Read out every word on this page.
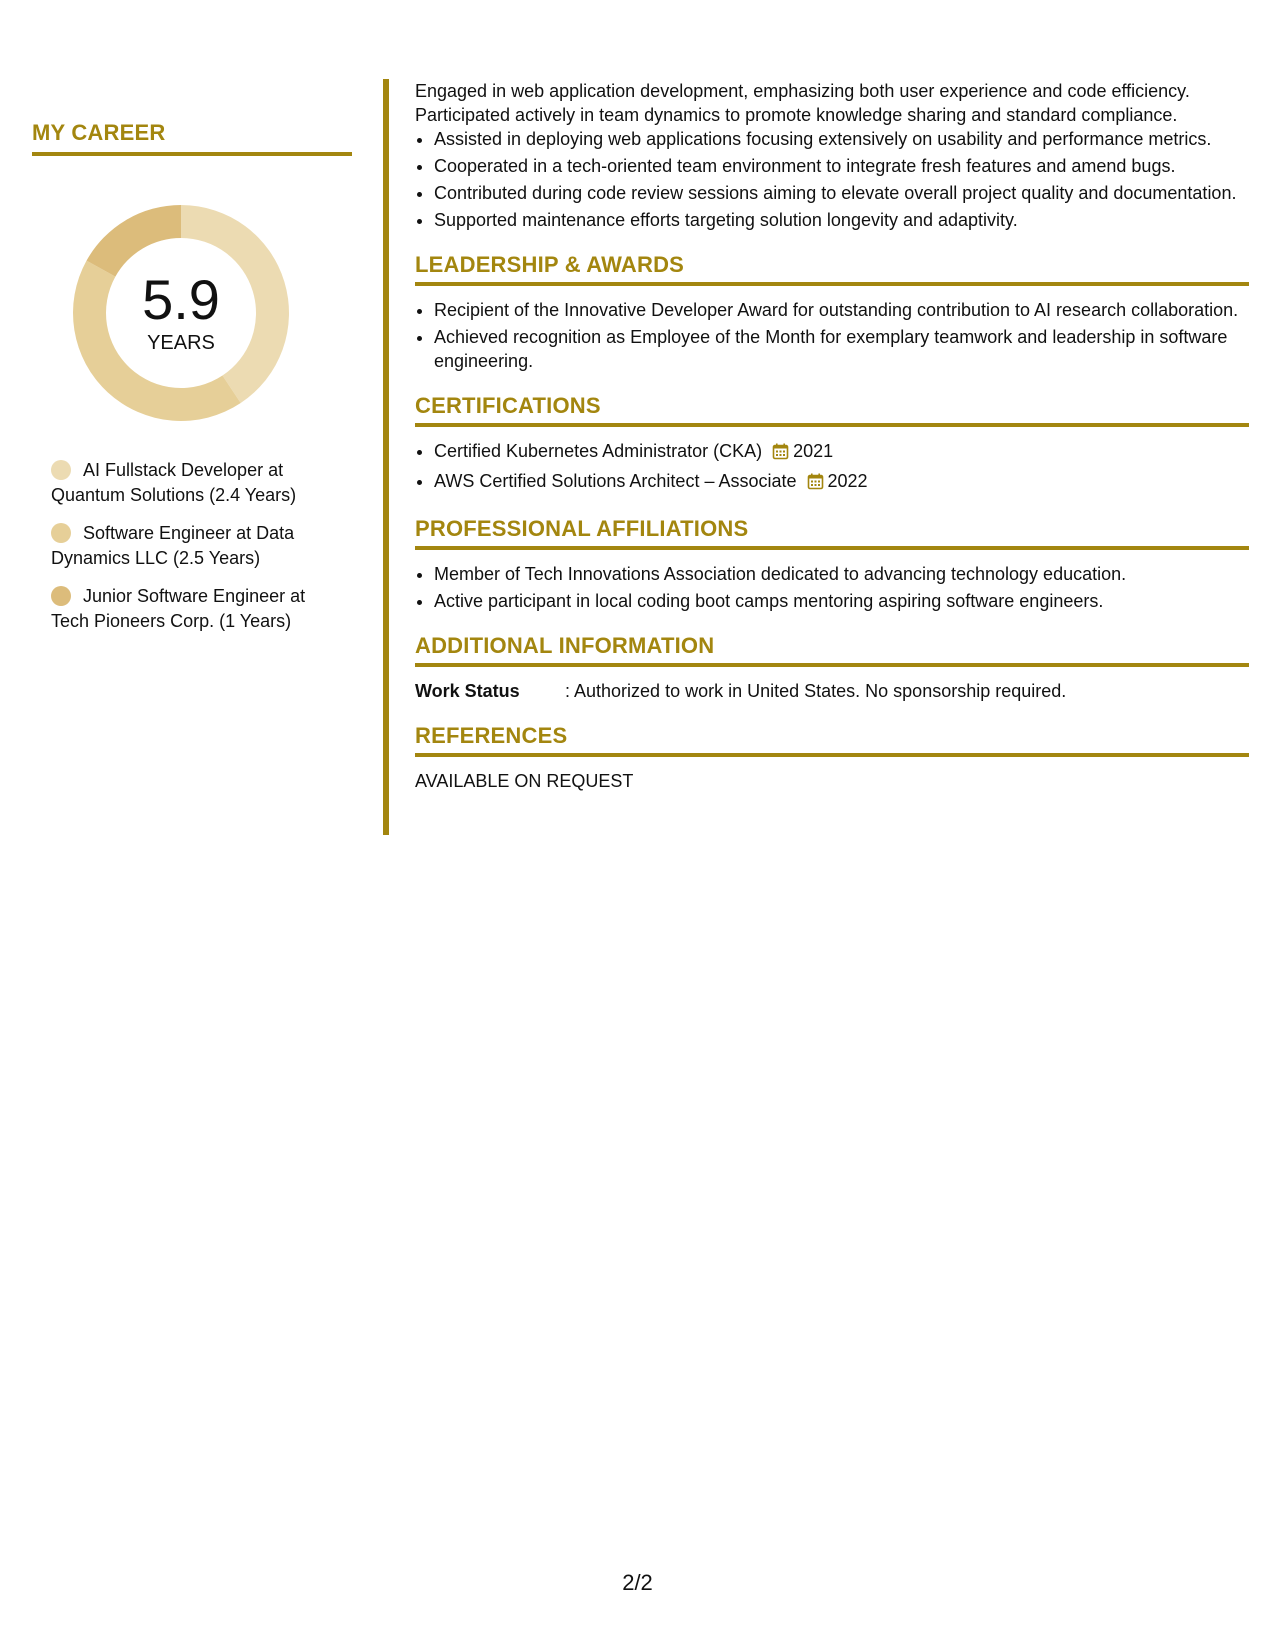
MY CAREER
5.9
YEARS
AI Fullstack Developer at Quantum Solutions (2.4 Years)
Software Engineer at Data Dynamics LLC (2.5 Years)
Junior Software Engineer at Tech Pioneers Corp. (1 Years)

Engaged in web application development, emphasizing both user experience and code efficiency. Participated actively in team dynamics to promote knowledge sharing and standard compliance.

• Assisted in deploying web applications focusing extensively on usability and performance metrics.
• Cooperated in a tech-oriented team environment to integrate fresh features and amend bugs.
• Contributed during code review sessions aiming to elevate overall project quality and documentation.
• Supported maintenance efforts targeting solution longevity and adaptivity.
LEADERSHIP & AWARDS
• Recipient of the Innovative Developer Award for outstanding contribution to AI research collaboration.
• Achieved recognition as Employee of the Month for exemplary teamwork and leadership in software engineering.
CERTIFICATIONS
• Certified Kubernetes Administrator (CKA) 2021
• AWS Certified Solutions Architect – Associate 2022
PROFESSIONAL AFFILIATIONS
• Member of Tech Innovations Association dedicated to advancing technology education.
• Active participant in local coding boot camps mentoring aspiring software engineers.
ADDITIONAL INFORMATION
Work Status	: Authorized to work in United States. No sponsorship required.
REFERENCES
AVAILABLE ON REQUEST
2/2
